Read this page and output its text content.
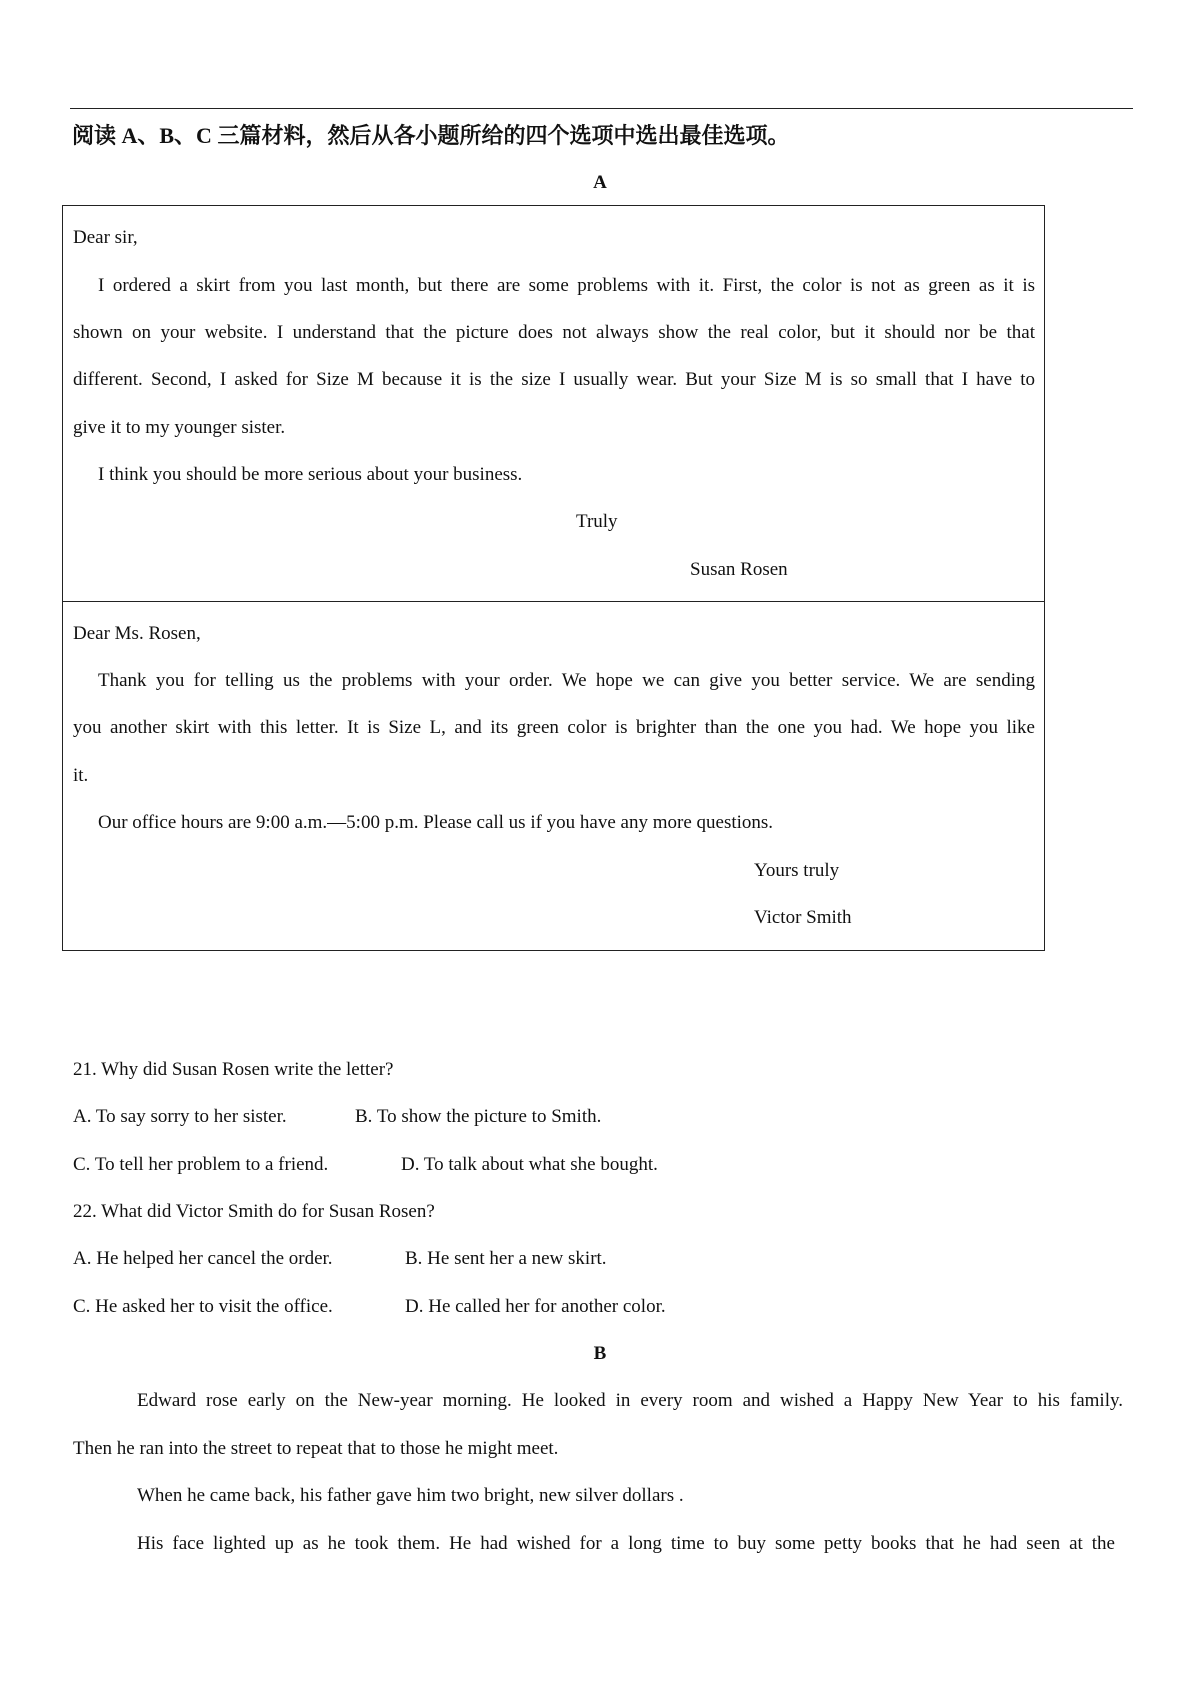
阅读 A、B、C 三篇材料，然后从各小题所给的四个选项中选出最佳选项。
A
Dear sir,
I ordered a skirt from you last month, but there are some problems with it. First, the color is not as green as it is
shown on your website. I understand that the picture does not always show the real color, but it should nor be that
different. Second, I asked for Size M because it is the size I usually wear. But your Size M is so small that I have to
give it to my younger sister.
I think you should be more serious about your business.
Truly
Susan Rosen
Dear Ms. Rosen,
Thank you for telling us the problems with your order. We hope we can give you better service. We are sending
you another skirt with this letter. It is Size L, and its green color is brighter than the one you had. We hope you like
it.
Our office hours are 9:00 a.m.—5:00 p.m. Please call us if you have any more questions.
Yours truly
Victor Smith
21. Why did Susan Rosen write the letter?
A. To say sorry to her sister.	B. To show the picture to Smith.
C. To tell her problem to a friend.	D. To talk about what she bought.
22. What did Victor Smith do for Susan Rosen?
A. He helped her cancel the order.	B. He sent her a new skirt.
C. He asked her to visit the office.	D. He called her for another color.
B
Edward rose early on the New-year morning. He looked in every room and wished a Happy New Year to his family.
Then he ran into the street to repeat that to those he might meet.
When he came back, his father gave him two bright, new silver dollars .
His face lighted up as he took them. He had wished for a long time to buy some petty books that he had seen at the
